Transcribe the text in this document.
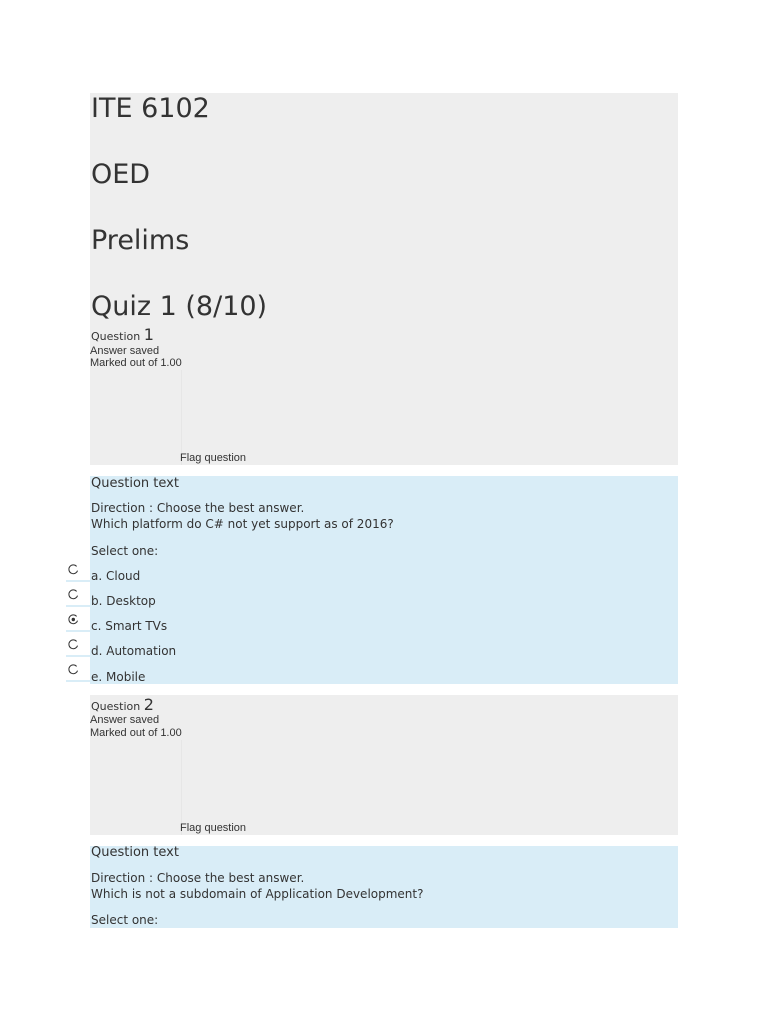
ITE 6102
OED
Prelims
Quiz 1 (8/10)
Question 1
Answer saved
Marked out of 1.00
Flag question
Question text
Direction : Choose the best answer.
Which platform do C# not yet support as of 2016?
Select one:
a. Cloud
b. Desktop
c. Smart TVs
d. Automation
e. Mobile
Question 2
Answer saved
Marked out of 1.00
Flag question
Question text
Direction : Choose the best answer.
Which is not a subdomain of Application Development?
Select one:
